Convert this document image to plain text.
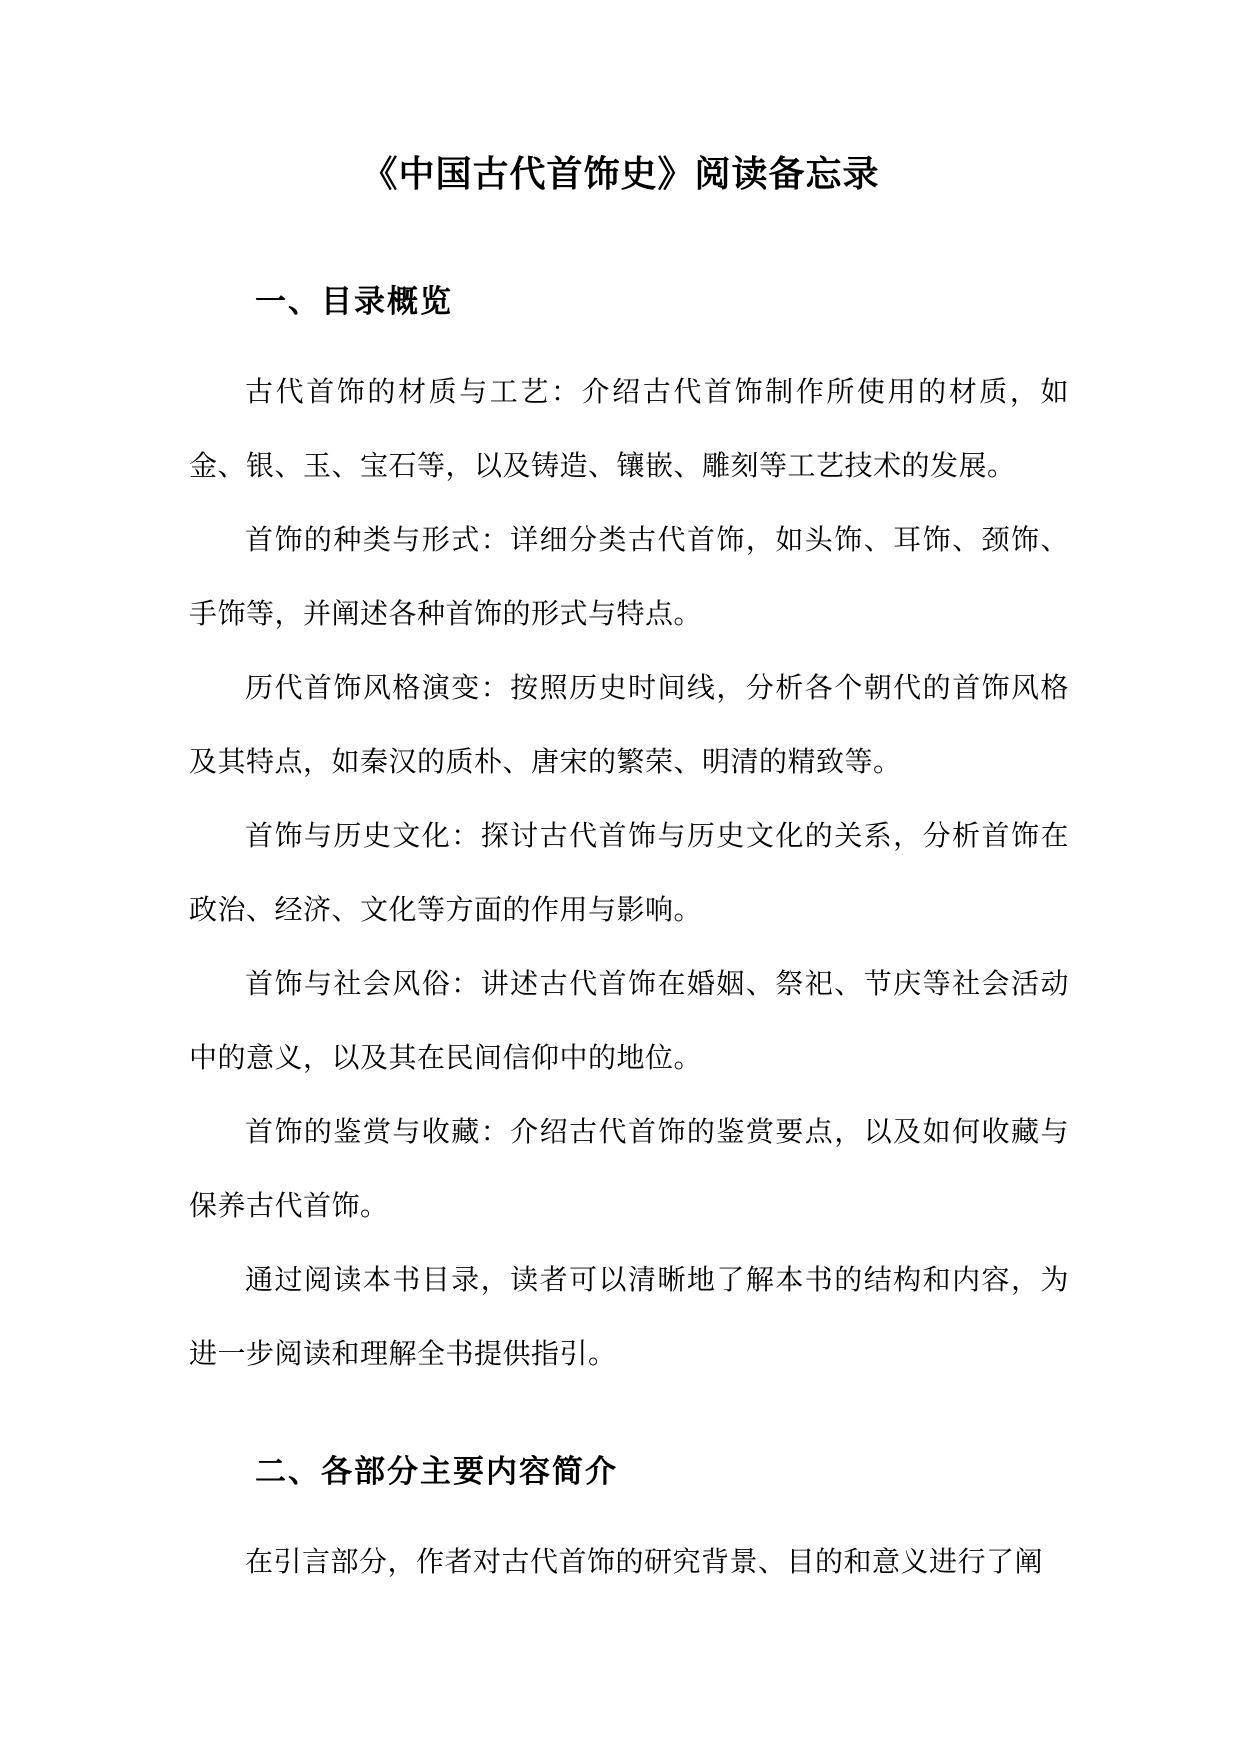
《中国古代首饰史》阅读备忘录
一、目录概览

古代首饰的材质与工艺：介绍古代首饰制作所使用的材质，如金、银、玉、宝石等，以及铸造、镶嵌、雕刻等工艺技术的发展。

首饰的种类与形式：详细分类古代首饰，如头饰、耳饰、颈饰、手饰等，并阐述各种首饰的形式与特点。

历代首饰风格演变：按照历史时间线，分析各个朝代的首饰风格及其特点，如秦汉的质朴、唐宋的繁荣、明清的精致等。

首饰与历史文化：探讨古代首饰与历史文化的关系，分析首饰在政治、经济、文化等方面的作用与影响。

首饰与社会风俗：讲述古代首饰在婚姻、祭祀、节庆等社会活动中的意义，以及其在民间信仰中的地位。

首饰的鉴赏与收藏：介绍古代首饰的鉴赏要点，以及如何收藏与保养古代首饰。

通过阅读本书目录，读者可以清晰地了解本书的结构和内容，为进一步阅读和理解全书提供指引。

二、各部分主要内容简介

在引言部分，作者对古代首饰的研究背景、目的和意义进行了阐
